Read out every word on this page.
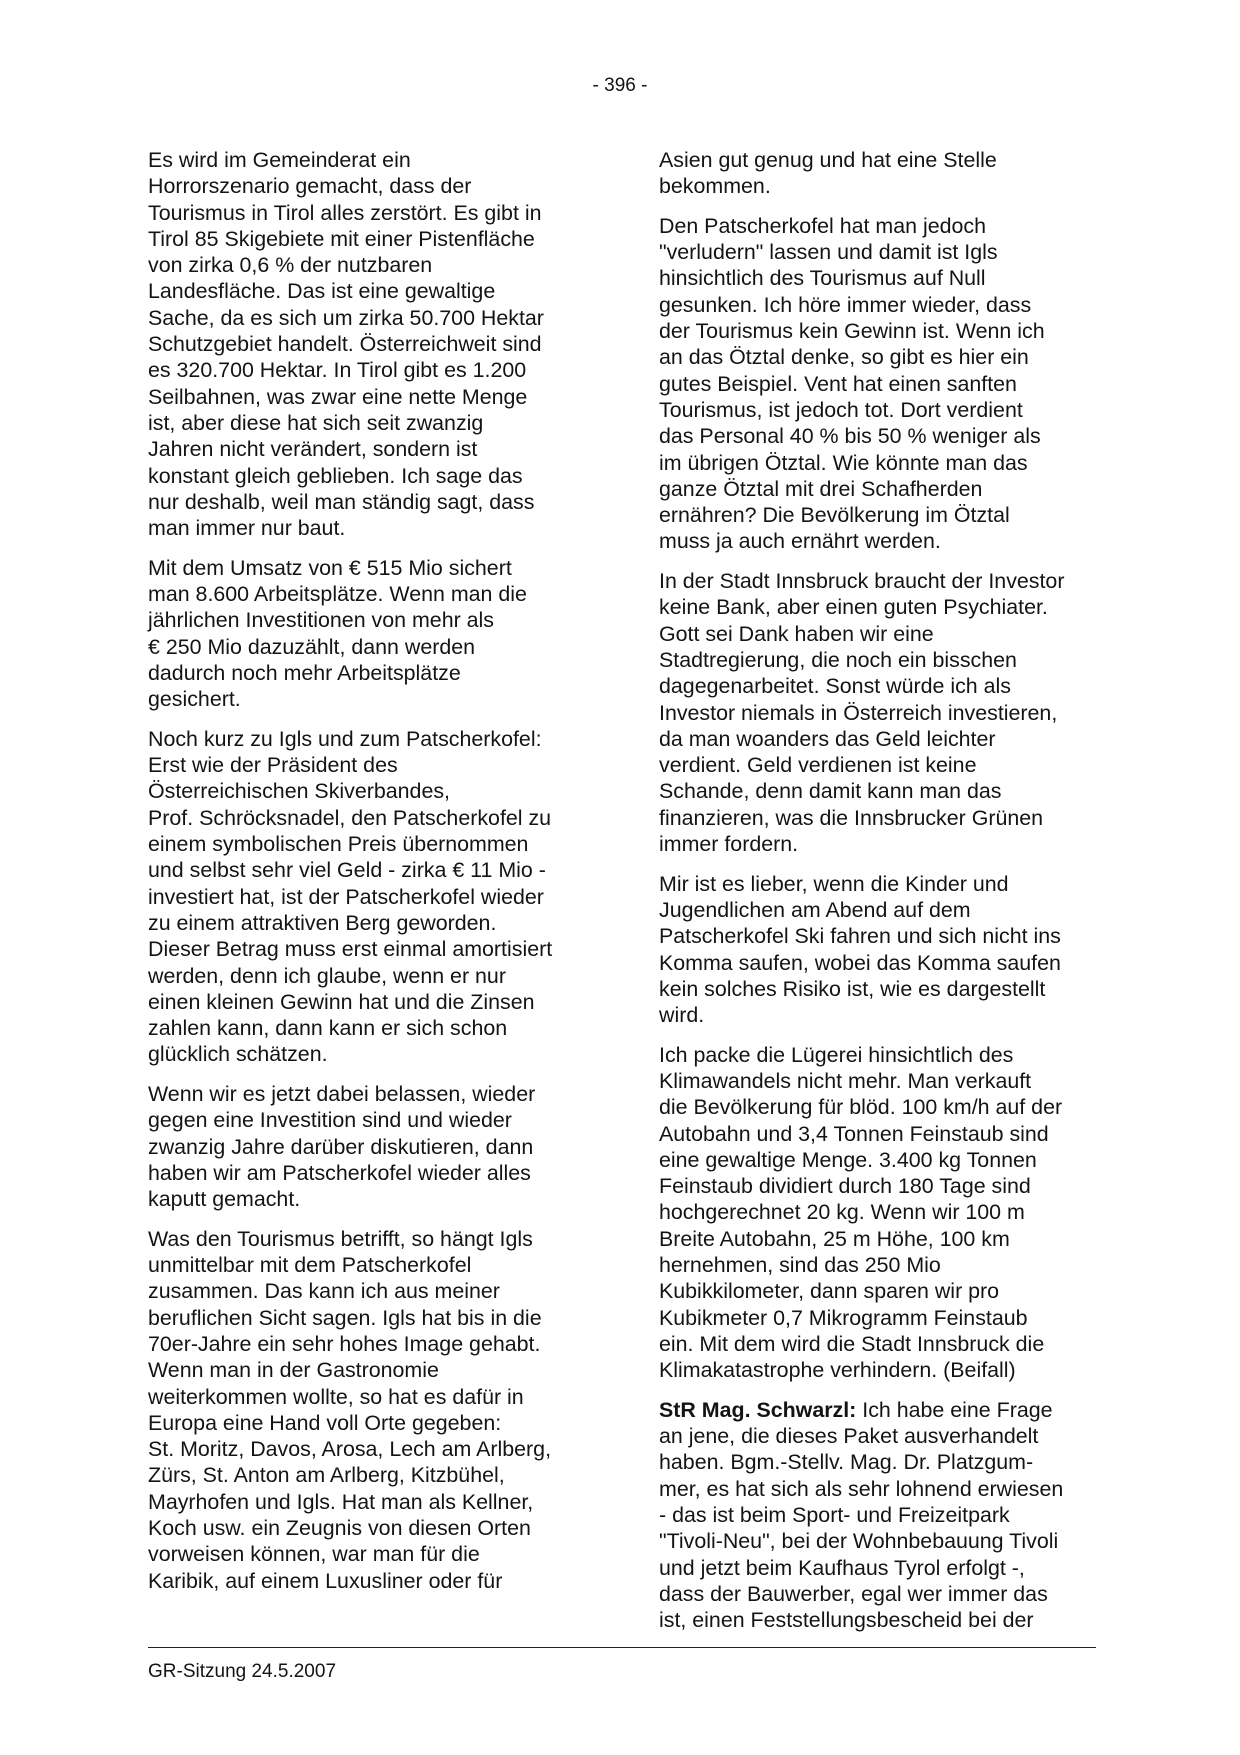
- 396 -

Es wird im Gemeinderat ein
Horrorszenario gemacht, dass der
Tourismus in Tirol alles zerstört. Es gibt in
Tirol 85 Skigebiete mit einer Pistenfläche
von zirka 0,6 % der nutzbaren
Landesfläche. Das ist eine gewaltige
Sache, da es sich um zirka 50.700 Hektar
Schutzgebiet handelt. Österreichweit sind
es 320.700 Hektar. In Tirol gibt es 1.200
Seilbahnen, was zwar eine nette Menge
ist, aber diese hat sich seit zwanzig
Jahren nicht verändert, sondern ist
konstant gleich geblieben. Ich sage das
nur deshalb, weil man ständig sagt, dass
man immer nur baut.

Mit dem Umsatz von € 515 Mio sichert
man 8.600 Arbeitsplätze. Wenn man die
jährlichen Investitionen von mehr als
€ 250 Mio dazuzählt, dann werden
dadurch noch mehr Arbeitsplätze
gesichert.

Noch kurz zu Igls und zum Patscherkofel:
Erst wie der Präsident des
Österreichischen Skiverbandes,
Prof. Schröcksnadel, den Patscherkofel zu
einem symbolischen Preis übernommen
und selbst sehr viel Geld - zirka € 11 Mio -
investiert hat, ist der Patscherkofel wieder
zu einem attraktiven Berg geworden.
Dieser Betrag muss erst einmal amortisiert
werden, denn ich glaube, wenn er nur
einen kleinen Gewinn hat und die Zinsen
zahlen kann, dann kann er sich schon
glücklich schätzen.

Wenn wir es jetzt dabei belassen, wieder
gegen eine Investition sind und wieder
zwanzig Jahre darüber diskutieren, dann
haben wir am Patscherkofel wieder alles
kaputt gemacht.

Was den Tourismus betrifft, so hängt Igls
unmittelbar mit dem Patscherkofel
zusammen. Das kann ich aus meiner
beruflichen Sicht sagen. Igls hat bis in die
70er-Jahre ein sehr hohes Image gehabt.
Wenn man in der Gastronomie
weiterkommen wollte, so hat es dafür in
Europa eine Hand voll Orte gegeben:
St. Moritz, Davos, Arosa, Lech am Arlberg,
Zürs, St. Anton am Arlberg, Kitzbühel,
Mayrhofen und Igls. Hat man als Kellner,
Koch usw. ein Zeugnis von diesen Orten
vorweisen können, war man für die
Karibik, auf einem Luxusliner oder für

Asien gut genug und hat eine Stelle
bekommen.

Den Patscherkofel hat man jedoch
"verludern" lassen und damit ist Igls
hinsichtlich des Tourismus auf Null
gesunken. Ich höre immer wieder, dass
der Tourismus kein Gewinn ist. Wenn ich
an das Ötztal denke, so gibt es hier ein
gutes Beispiel. Vent hat einen sanften
Tourismus, ist jedoch tot. Dort verdient
das Personal 40 % bis 50 % weniger als
im übrigen Ötztal. Wie könnte man das
ganze Ötztal mit drei Schafherden
ernähren? Die Bevölkerung im Ötztal
muss ja auch ernährt werden.

In der Stadt Innsbruck braucht der Investor
keine Bank, aber einen guten Psychiater.
Gott sei Dank haben wir eine
Stadtregierung, die noch ein bisschen
dagegenarbeitet. Sonst würde ich als
Investor niemals in Österreich investieren,
da man woanders das Geld leichter
verdient. Geld verdienen ist keine
Schande, denn damit kann man das
finanzieren, was die Innsbrucker Grünen
immer fordern.

Mir ist es lieber, wenn die Kinder und
Jugendlichen am Abend auf dem
Patscherkofel Ski fahren und sich nicht ins
Komma saufen, wobei das Komma saufen
kein solches Risiko ist, wie es dargestellt
wird.

Ich packe die Lügerei hinsichtlich des
Klimawandels nicht mehr. Man verkauft
die Bevölkerung für blöd. 100 km/h auf der
Autobahn und 3,4 Tonnen Feinstaub sind
eine gewaltige Menge. 3.400 kg Tonnen
Feinstaub dividiert durch 180 Tage sind
hochgerechnet 20 kg. Wenn wir 100 m
Breite Autobahn, 25 m Höhe, 100 km
hernehmen, sind das 250 Mio
Kubikkilometer, dann sparen wir pro
Kubikmeter 0,7 Mikrogramm Feinstaub
ein. Mit dem wird die Stadt Innsbruck die
Klimakatastrophe verhindern. (Beifall)

StR Mag. Schwarzl: Ich habe eine Frage
an jene, die dieses Paket ausverhandelt
haben. Bgm.-Stellv. Mag. Dr. Platzgum-
mer, es hat sich als sehr lohnend erwiesen
- das ist beim Sport- und Freizeitpark
"Tivoli-Neu", bei der Wohnbebauung Tivoli
und jetzt beim Kaufhaus Tyrol erfolgt -,
dass der Bauwerber, egal wer immer das
ist, einen Feststellungsbescheid bei der

GR-Sitzung 24.5.2007
